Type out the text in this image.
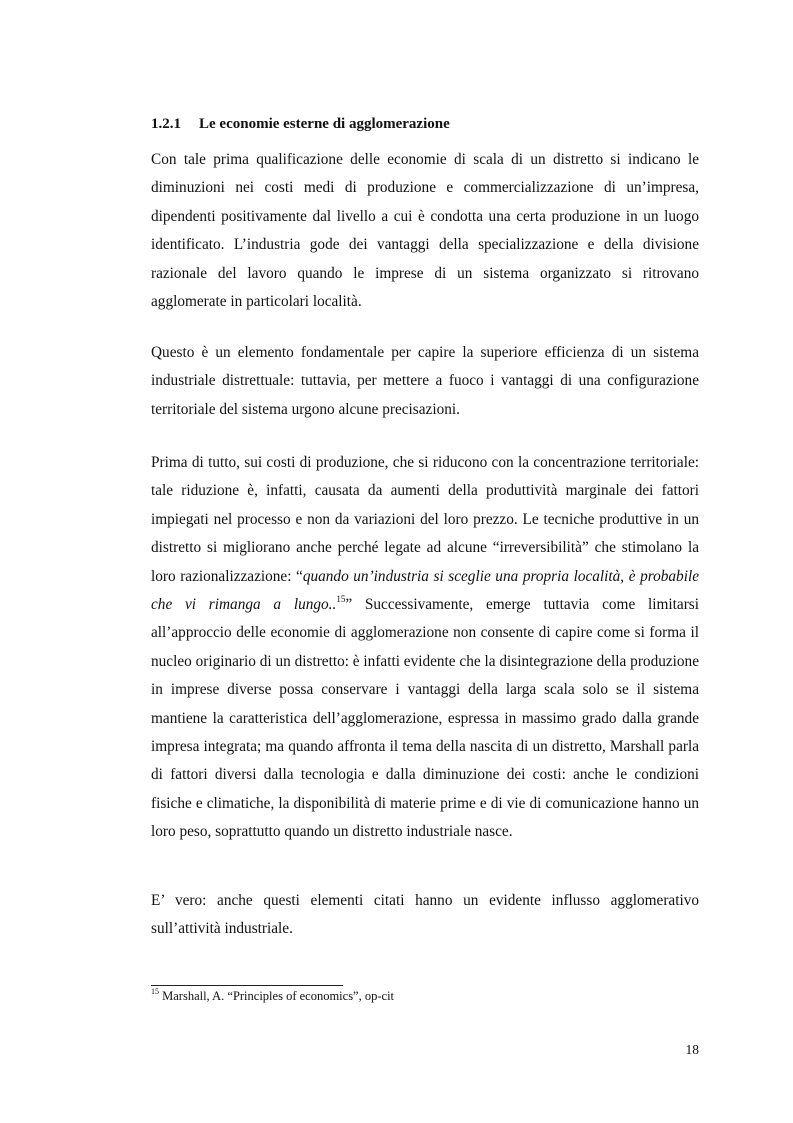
1.2.1 Le economie esterne di agglomerazione

Con tale prima qualificazione delle economie di scala di un distretto si indicano le diminuzioni nei costi medi di produzione e commercializzazione di un’impresa, dipendenti positivamente dal livello a cui è condotta una certa produzione in un luogo identificato. L’industria gode dei vantaggi della specializzazione e della divisione razionale del lavoro quando le imprese di un sistema organizzato si ritrovano agglomerate in particolari località.

Questo è un elemento fondamentale per capire la superiore efficienza di un sistema industriale distrettuale: tuttavia, per mettere a fuoco i vantaggi di una configurazione territoriale del sistema urgono alcune precisazioni.

Prima di tutto, sui costi di produzione, che si riducono con la concentrazione territoriale: tale riduzione è, infatti, causata da aumenti della produttività marginale dei fattori impiegati nel processo e non da variazioni del loro prezzo. Le tecniche produttive in un distretto si migliorano anche perché legate ad alcune “irreversibilità” che stimolano la loro razionalizzazione: “quando un’industria si sceglie una propria località, è probabile che vi rimanga a lungo..$^{15}$” Successivamente, emerge tuttavia come limitarsi all’approccio delle economie di agglomerazione non consente di capire come si forma il nucleo originario di un distretto: è infatti evidente che la disintegrazione della produzione in imprese diverse possa conservare i vantaggi della larga scala solo se il sistema mantiene la caratteristica dell’agglomerazione, espressa in massimo grado dalla grande impresa integrata; ma quando affronta il tema della nascita di un distretto, Marshall parla di fattori diversi dalla tecnologia e dalla diminuzione dei costi: anche le condizioni fisiche e climatiche, la disponibilità di materie prime e di vie di comunicazione hanno un loro peso, soprattutto quando un distretto industriale nasce.

E’ vero: anche questi elementi citati hanno un evidente influsso agglomerativo sull’attività industriale.

$^{15}$ Marshall, A. “Principles of economics”, op-cit

18
